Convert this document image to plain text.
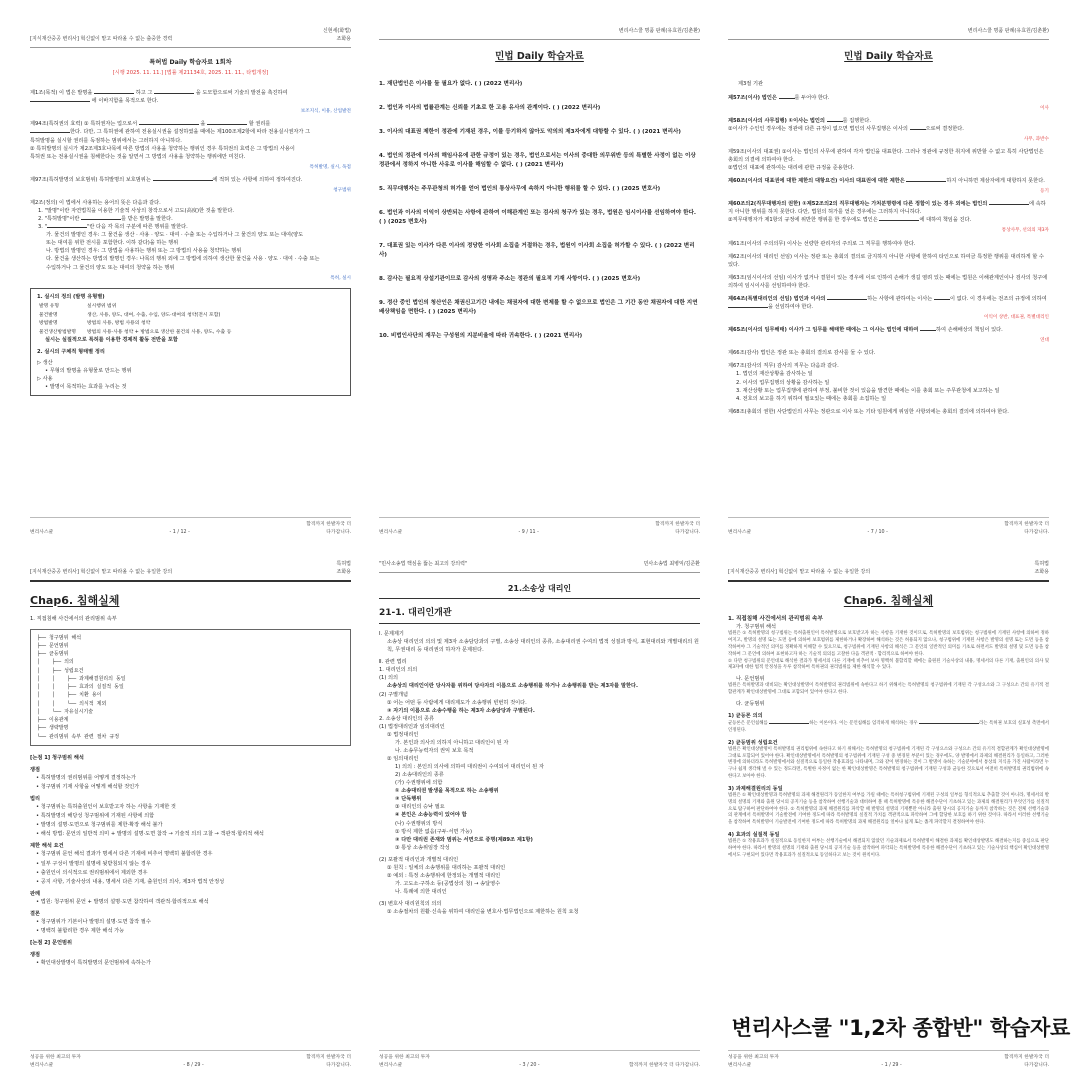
[지식재산중공 변리사] 혁신없이 맡고 따라올 수 없는 출중한 경력
신현세(화법)
조화용
특허법 Daily 학습자료 1회차
[시행 2025. 11. 11.] [법률 제21134호, 2025. 11. 11., 타법개정]
제1조(목적) 이 법은 발명을	하고 그	을 도모함으로써 기술의 발전을 촉진하여
에 이바지함을 목적으로 한다.
보조지식, 이용, 산업발전
제94조(특허권의 효력) ① 특허권자는 업으로서	을	할 권리를
한다. 다만, 그 특허권에 관하여 전용실시권을 설정하였을 때에는 제100조제2항에 따라 전용실시권자가 그
특허발명을 실시할 권리를 독점하는 범위에서는 그러하지 아니하다.
② 특허발명의 실시가 제2조제3호나목에 따른 방법의 사용을 청약하는 행위인 경우 특허권의 효력은 그 방법의 사용이
특허권 또는 전용실시권을 침해한다는 것을 알면서 그 방법의 사용을 청약하는 행위에만 미친다.
특허발명, 실시, 독점
제97조(특허발명의 보호범위) 특허발명의 보호범위는	에 적혀 있는 사항에 의하여 정하여진다.
청구범위
제2조(정의) 이 법에서 사용하는 용어의 뜻은 다음과 같다.
1. "발명"이란 자연법칙을 이용한 기술적 사상의 창작으로서 고도(高度)한 것을 말한다.
2. "특허발명"이란	를 받은 발명을 말한다.
3. "	"란 다음 각 목의 구분에 따른 행위를 말한다.
가. 물건의 발명인 경우: 그 물건을 생산 · 사용 · 양도 · 대여 · 수출 또는 수입하거나 그 물건의 양도 또는 대여(양도
또는 대여를 위한 전시를 포함한다. 이하 같다)을 하는 행위
나. 방법의 발명인 경우: 그 방법을 사용하는 행위 또는 그 방법의 사용을 청약하는 행위
다. 물건을 생산하는 방법의 발명인 경우: 나목의 행위 외에 그 방법에 의하여 생산한 물건을 사용 · 양도 · 대여 · 수출 또는
수입하거나 그 물건의 양도 또는 대여의 청약을 하는 행위
특허, 실시
1. 실시의 정의 (발명 유형별)
발명 유형	실시행위 범위
물건발명	생산, 사용, 양도, 대여, 수출, 수입, 양도·대여의 청약(전시 포함)
방법발명	방법의 사용, 방법 사용의 청약
물건생산방법발명	방법의 사용·사용 청약 + 방법으로 생산한 물건의 사용, 양도, 수출 등
실시는 실질적으로 특허를 이용한 경제적 활동 전반을 포함
2. 실시의 구체적 형태별 정리
▷ 생산
• 무형의 발명을 유형물로 만드는 행위
▷ 사용
• 발명이 목적하는 효과를 누리는 것
변리사스쿨	- 1 / 12 -
합격까지 한발자국 더
다가갑니다.
변리사스쿨 명품 판례(유효원/김춘환)
민법 Daily 학습자료
1. 재단법인은 이사를 둘 필요가 없다. ( ) (2022 변리사)
2. 법인과 이사의 법률관계는 신뢰를 기초로 한 고용 유사의 관계이다. ( ) (2022 변리사)
3. 이사의 대표권 제한이 정관에 기재된 경우, 이를 등기하지 않아도 악의의 제3자에게 대항할 수 있다. ( ) (2021 변리사)
4. 법인의 정관에 이사의 해임사유에 관한 규정이 있는 경우, 법인으로서는 이사의 중대한 의무위반 등의 특별한 사정이 없는 이상 정관에서 정하지 아니한 사유로 이사를 해임할 수 없다. ( ) (2021 변리사)
5. 직무대행자는 주무관청의 허가를 얻어 법인의 통상사무에 속하지 아니한 행위를 할 수 있다. ( ) (2025 변호사)
6. 법인과 이사의 이익이 상반되는 사항에 관하여 이해관계인 또는 검사의 청구가 있는 경우, 법원은 임시이사를 선임하여야 한다. ( ) (2025 변호사)
7. 대표권 있는 이사가 다른 이사의 정당한 이사회 소집을 거절하는 경우, 법원이 이사회 소집을 허가할 수 있다. ( ) (2022 변리사)
8. 감사는 필요적 상설기관이므로 감사의 성명과 주소는 정관의 필요적 기재 사항이다. ( ) (2025 변호사)
9. 정산 중인 법인의 청산인은 채권신고기간 내에는 채권자에 대한 변제를 할 수 없으므로 법인은 그 기간 동안 채권자에 대한 지연배상책임을 면한다. ( ) (2025 변리사)
10. 비법인사단의 재무는 구성원의 지분비율에 따라 귀속한다. ( ) (2021 변리사)
변리사스쿨	- 9 / 11 -
합격까지 한발자국 더
다가갑니다.
변리사스쿨 명품 판례(유효원/김춘환)
민법 Daily 학습자료
제3절 기관
제57조(이사) 법인은	를 두어야 한다.
이사
제58조(이사의 사무집행) ①이사는 법인의	를 집행한다.
②이사가 수인인 경우에는 정관에 다른 규정이 없으면 법인의 사무집행은 이사의	으로써 결정한다.
사무, 과반수
제59조(이사의 대표권) ①이사는 법인의 사무에 관하여 각자 법인을 대표한다. 그러나 정관에 규정한 취지에 위반할 수 없고 특히 사단법인은 총회의 의결에 의하여야 한다.
②법인의 대표에 관하여는 대리에 관한 규정을 준용한다.
제60조(이사의 대표권에 대한 제한의 대항요건) 이사의 대표권에 대한 제한은	하지 아니하면 제삼자에게 대항하지 못한다.
등기
제60조의2(직무대행자의 권한) ①제52조의2의 직무대행자는 가처분명령에 다른 정함이 있는 경우 외에는 법인의	에 속하지 아니한 행위를 하지 못한다. 다만, 법원의 허가를 얻은 경우에는 그러하지 아니하다.
②직무대행자가 제1항의 규정에 위반한 행위를 한 경우에도 법인은	에 대하여 책임을 진다.
통상사무, 선의의 제3자
제61조(이사의 주의의무) 이사는 선량한 관리자의 주의로 그 직무를 행하여야 한다.
제62조(이사의 대리인 선임) 이사는 정관 또는 총회의 결의로 금지하지 아니한 사항에 한하여 타인으로 하여금 특정한 행위를 대리하게 할 수 있다.
제63조(임시이사의 선임) 이사가 없거나 결원이 있는 경우에 이로 인하여 손해가 생길 염려 있는 때에는 법원은 이해관계인이나 검사의 청구에 의하여 임시이사를 선임하여야 한다.
제64조(특별대리인의 선임) 법인과 이사의	하는 사항에 관하여는 이사는	이 없다. 이 경우에는 전조의 규정에 의하여 을 선임하여야 한다.
이익이 상반, 대표권, 특별대리인
제65조(이사의 임무해태) 이사가 그 임무를 해태한 때에는 그 이사는 법인에 대하여	하여 손해배상의 책임이 있다.
연대
제66조(감사) 법인은 정관 또는 총회의 결의로 감사를 둘 수 있다.
제67조(감사의 직무) 감사의 직무는 다음과 같다.
1. 법인의 재산상황을 감사하는 일
2. 이사의 업무집행의 상황을 감사하는 일
3. 재산상황 또는 업무집행에 관하여 부정, 불비한 것이 있음을 발견한 때에는 이를 총회 또는 주무관청에 보고하는 일
4. 전호의 보고를 하기 위하여 필요있는 때에는 총회를 소집하는 일
제68조(총회의 권한) 사단법인의 사무는 정관으로 이사 또는 기타 임원에게 위임한 사항외에는 총회의 결의에 의하여야 한다.
변리사스쿨	- 7 / 10 -
합격까지 한발자국 더
다가갑니다.
[지식재산중공 변리사] 혁신없이 맡고 따라올 수 없는 유일한 강의
특허법
조화용
Chap6. 침해실체
1. 직접침해 사건에서의 관리범위 속부
├── 청구범위 해석
├── 문언범위
├── 균등범위
│    ├── 의의
│    ├── 성립요건
│    │    ├── 과제해결원리의 동일
│    │    ├── 효과의 실질적 동일
│    │    ├── 치환 용이
│    │    └── 의식적 제외
│    └── 자유실시기술
├── 이용관계
├── 생략발명
└── 관리범위 속부 관련 절차 규정
[논점 1] 청구범위 해석
쟁점
• 특허발명의 권리범위를 어떻게 결정하는가
• 청구범위 기재 사항을 어떻게 해석할 것인가
법리
• 청구범위는 특허출원인이 보호받고자 하는 사항을 기재한 것
• 특허발명의 해당성 청구범위에 기재된 사항에 의함
• 발명의 설명·도면으로 청구범위를 제한·확장 해석 불가
• 해석 방법: 문언의 일반적 의미 + 발명의 설명·도면 참작 → 기술적 의의 고찰 → 객관적·합리적 해석
제한 해석 요건
• 청구범위 문언 해석 결과가 명세서 다른 기재에 비추어 명백히 불합리한 경우
• 일부 구성이 발명의 설명에 뒷받침되지 않는 경우
• 출원인이 의식적으로 권리범위에서 제외한 경우
• 공지 사항, 기술사상의 내용, 명세서 다른 기재, 출원인의 의사, 제3자 법적 안정성
판례
• 법원: 청구범위 문언 + 발명의 설명·도면 참작하여 객관적·합리적으로 해석
결론
• 청구범위가 기본이나 발명의 설명·도면 참작 필수
• 명백히 불합리한 경우 제한 해석 가능
[논점 2] 문언범위
쟁점
• 확인대상발명이 특허발명의 문언범위에 속하는가
성공을 위한 최고의 투자
변리사스쿨	- 8 / 29 -
합격까지 한발자국 더
다가갑니다.
"민사소송법 핵심을 뚫는 최고의 강의력"	민사소송법 최병익/김준환
21.소송상 대리인
21-1. 대리인개관
Ⅰ. 문제제기
소송상 대리인의 의의 및 제3자 소송담당과의 구별, 소송상 대리인의 종류, 소송대리권 수여의 법적 성질과 방식, 표현대리와 개별대리의 원칙, 무권대리 등 대리권의 하자가 문제된다.
Ⅱ. 관련 법리
1. 대리인의 의의
(1) 의의
소송상의 대리인이란 당사자를 위하여 당사자의 이름으로 소송행위를 하거나 소송행위를 받는 제3자를 말한다.
(2) 구별개념
① 어는 어떤 등 사람에게 대리제도가 소송행위 빈번히 것이다.
② 자기의 이름으로 소송수행을 하는 제3자 소송담당과 구별된다.
2. 소송상 대리인의 종류
(1) 법정대리인과 임의대리인
① 법정대리인
가. 본인과 의사의 의하지 아니하고 대리인이 된 자
나. 소송무능력자의 권익 보호 목적
② 임의대리인
1) 의의 : 본인의 의사에 의하여 대리권이 수여되어 대리인이 된 자
2) 소송대리인의 종류
(가) 수권행위에 의함
① 소송대리권 발생을 목적으로 하는 소송행위
② 단독행위
③ 대리인의 승낙 필요
④ 본인은 소송능력이 있어야 함
(나) 수권행위의 방식
① 방식 제한 없음(구두·서면 가능)
② 다만 대리권 존재와 범위는 서면으로 증명(제89조 제1항)
③ 통상 소송위임장 작성
(2) 포괄적 대리인과 개별적 대리인
① 원칙 : 일체의 소송행위를 대리하는 포괄적 대리인
② 예외 : 특정 소송행위에 한정되는 개별적 대리인
가. 고도소·구하소 등(공법상의 청) → 송달영수
나. 특례에 의한 대리인
(3) 변호사 대리원칙의 의의
① 소송절차의 원활·신속을 위하여 대리인을 변호사·법무법인으로 제한하는 원칙 요청
성공을 위한 최고의 투자
변리사스쿨	- 3 / 20 -	합격까지 한발자국 더 다가갑니다.
[지식재산중공 변리사] 혁신없이 맡고 따라올 수 없는 유일한 강의
특허법
조화용
Chap6. 침해실체
1. 직접침해 사건에서의 관리범위 속부
가. 청구범위 해석
법원은 ① 특허발명의 청구범위는 특허출원인이 특허발명으로 보호받고자 하는 사항을 기재한 것이므로, 특허발명의 보호범위는 청구범위에 기재된 사항에 의하여 정하여지고, 발명의 설명 또는 도면 등에 의하여 보호범위를 제한하거나 확장하여 해석하는 것은 허용되지 않으나, 청구범위에 기재된 사항은 발명의 설명 또는 도면 등을 참작하여야 그 기술적인 의미를 정확하게 이해할 수 있으므로, 청구범위에 기재된 사항의 해석은 그 문언의 일반적인 의미를 기초로 하면서도 발명의 설명 및 도면 등을 참작하여 그 문언에 의하여 표현하고자 하는 기술적 의의를 고찰한 다음 객관적 · 합리적으로 하여야 한다.
② 다만 청구범위의 문언대로 해석한 결과가 명세서의 다른 기재에 비추어 보아 명백히 불합리할 때에는 출원된 기술사상의 내용, 명세서의 다른 기재, 출원인의 의사 및 제3자에 대한 법적 안정성을 두루 참작하여 특허권의 권리범위를 제한 해석할 수 있다.
나. 문언범위
법원은 특허발명과 대비되는 확인대상발명이 특허발명의 권리범위에 속한다고 하기 위해서는 특허발명의 청구범위에 기재된 각 구성요소와 그 구성요소 간의 유기적 결합관계가 확인대상발명에 그대로 포함되어 있어야 한다고 한다.
다. 균등범위
1) 균등론 의의
균등론은 문언침해를	하는 이론이다. 이는 문언침해를 엄격하게 해석하는 경우	라는 특허권 보호의 실효성 측면에서 인정된다.
2) 균등범위 성립요건
법원은 확인대상발명이 특허발명의 권리범위에 속한다고 하기 위해서는 특허발명의 청구범위에 기재된 각 구성요소와 구성요소 간의 유기적 결합관계가 확인대상발명에 그대로 포함되어 있어야 한다. 확인대상발명에서 특허발명의 청구범위에 기재된 구성 중 변경된 부분이 있는 경우에도, 양 발명에서 과제의 해결원리가 동일하고, 그러한 변경에 의하더라도 특허발명에서와 실질적으로 동일한 작용효과를 나타내며, 그와 같이 변경하는 것이 그 발명이 속하는 기술분야에서 통상의 지식을 가진 사람이라면 누구나 쉽게 생각해 낼 수 있는 정도라면, 특별한 사정이 없는 한 확인대상발명은 특허발명의 청구범위에 기재된 구성과 균등한 것으로서 여전히 특허발명의 권리범위에 속한다고 보아야 한다.
3) 과제해결원리의 동일
법원은 ① 확인대상발명과 특허발명의 과제 해결원리가 동일한지 여부를 가릴 때에는 특허청구범위에 기재된 구성의 일부를 형식적으로 추출할 것이 아니라, 명세서의 발명의 설명의 기재와 출원 당시의 공지기술 등을 참작하여 선행기술과 대비하여 볼 때 특허발명에 특유한 해결수단이 기초하고 있는 과제의 해결원리가 무엇인가를 실질적으로 탐구하여 판단하여야 한다. ② 특허발명의 과제 해결원리를 파악할 때 발명의 설명의 기재뿐만 아니라 출원 당시의 공지기술 등까지 참작하는 것은 전체 선행기술과의 관계에서 특허발명이 기술발전에 기여한 정도에 따라 특허발명의 실질적 가치를 객관적으로 파악하여 그에 합당한 보호를 하기 위한 것이다. 따라서 이러한 선행기술을 참작하여 특허발명이 기술발전에 기여한 정도에 따라 특허발명의 과제 해결원리를 얼마나 넓게 또는 좁게 파악할지 결정하여야 한다.
4) 효과의 실질적 동일
법원은 ① 작용효과가 실질적으로 동일한지 여부는 선행기술에서 해결되지 않았던 기술과제로서 특허발명이 해결한 과제를 확인대상발명도 해결하는지를 중심으로 판단하여야 한다. 따라서 발명의 설명의 기재와 출원 당시의 공지기술 등을 참작하여 파악되는 특허발명에 특유한 해결수단이 기초하고 있는 기술사상의 핵심이 확인대상발명에서도 구현되어 있다면 작용효과가 실질적으로 동일하다고 보는 것이 원칙이다.
성공을 위한 최고의 투자
변리사스쿨	- 1 / 29 -
합격까지 한발자국 더
다가갑니다.
변리사스쿨 "1,2차 종합반" 학습자료
